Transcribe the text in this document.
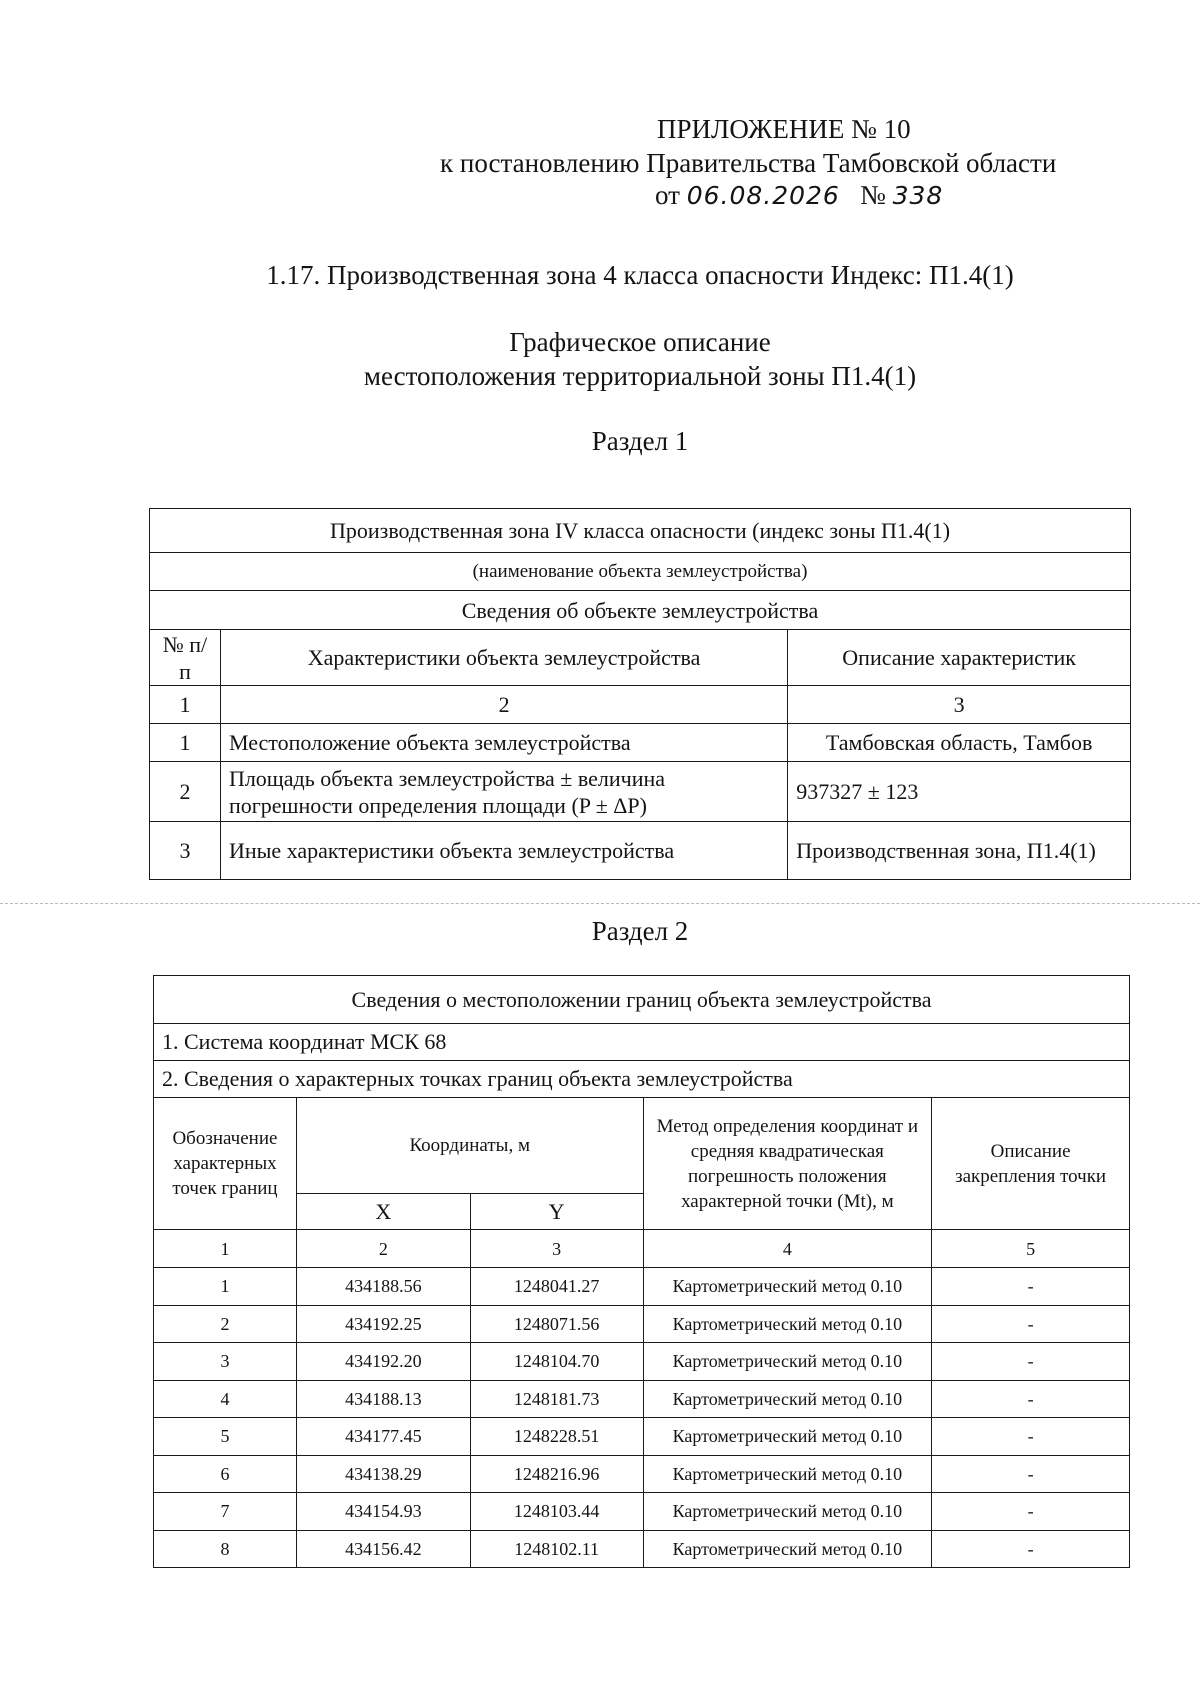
ПРИЛОЖЕНИЕ № 10
к постановлению Правительства Тамбовской области
от 06.08.2026 № 338
1.17. Производственная зона 4 класса опасности Индекс: П1.4(1)
Графическое описание
местоположения территориальной зоны П1.4(1)
Раздел 1
Производственная зона IV класса опасности (индекс зоны П1.4(1)		
(наименование объекта землеустройства)		
Сведения об объекте землеустройства		
№ п/п	Характеристики объекта землеустройства	Описание характеристик
1	2	3
1	Местоположение объекта землеустройства	Тамбовская область, Тамбов
2	Площадь объекта землеустройства ± величина погрешности определения площади (P ± ΔP)	937327 ± 123
3	Иные характеристики объекта землеустройства	Производственная зона, П1.4(1)
Раздел 2
Сведения о местоположении границ объекта землеустройства				
1. Система координат МСК 68				
2. Сведения о характерных точках границ объекта землеустройства				
Обозначение характерных точек границ	Координаты, м		Метод определения координат и средняя квадратическая погрешность положения характерной точки (Mt), м	Описание закрепления точки
	X	Y		
1	2	3	4	5
1	434188.56	1248041.27	Картометрический метод 0.10	-
2	434192.25	1248071.56	Картометрический метод 0.10	-
3	434192.20	1248104.70	Картометрический метод 0.10	-
4	434188.13	1248181.73	Картометрический метод 0.10	-
5	434177.45	1248228.51	Картометрический метод 0.10	-
6	434138.29	1248216.96	Картометрический метод 0.10	-
7	434154.93	1248103.44	Картометрический метод 0.10	-
8	434156.42	1248102.11	Картометрический метод 0.10	-
